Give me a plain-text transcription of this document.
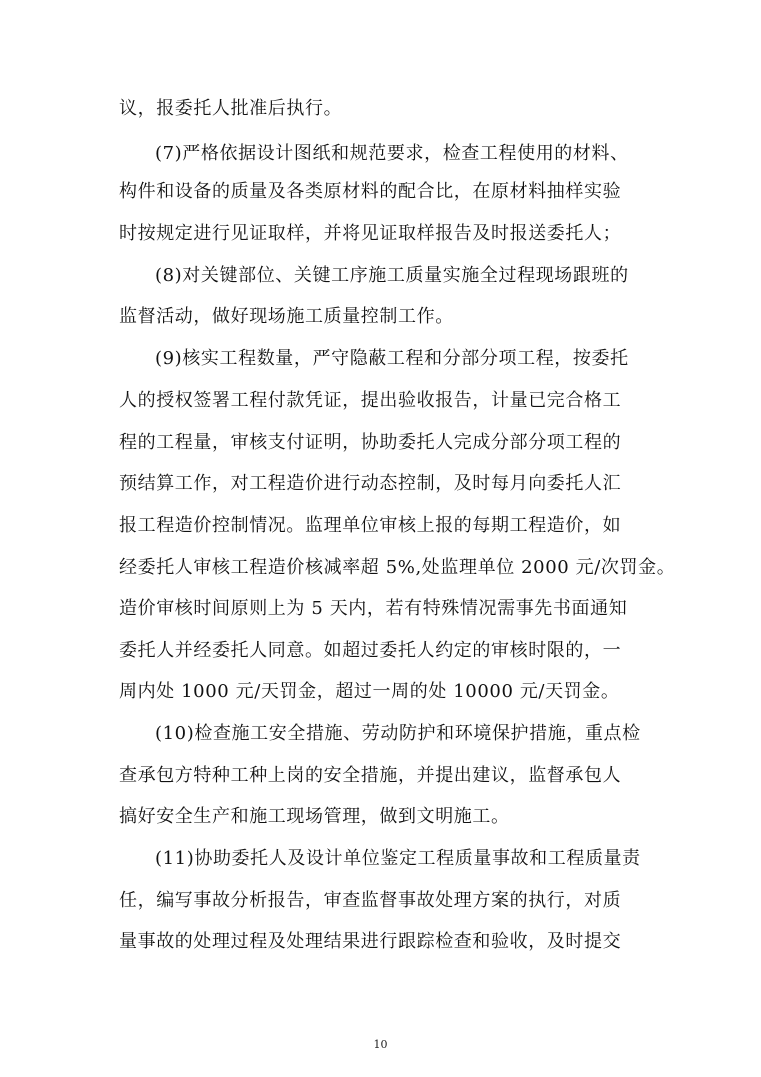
议，报委托人批准后执行。
(7)严格依据设计图纸和规范要求，检查工程使用的材料、
构件和设备的质量及各类原材料的配合比，在原材料抽样实验
时按规定进行见证取样，并将见证取样报告及时报送委托人；
(8)对关键部位、关键工序施工质量实施全过程现场跟班的
监督活动，做好现场施工质量控制工作。
(9)核实工程数量，严守隐蔽工程和分部分项工程，按委托
人的授权签署工程付款凭证，提出验收报告，计量已完合格工
程的工程量，审核支付证明，协助委托人完成分部分项工程的
预结算工作，对工程造价进行动态控制，及时每月向委托人汇
报工程造价控制情况。监理单位审核上报的每期工程造价，如
经委托人审核工程造价核减率超 5%,处监理单位 2000 元/次罚金。
造价审核时间原则上为 5 天内，若有特殊情况需事先书面通知
委托人并经委托人同意。如超过委托人约定的审核时限的，一
周内处 1000 元/天罚金，超过一周的处 10000 元/天罚金。
(10)检查施工安全措施、劳动防护和环境保护措施，重点检
查承包方特种工种上岗的安全措施，并提出建议，监督承包人
搞好安全生产和施工现场管理，做到文明施工。
(11)协助委托人及设计单位鉴定工程质量事故和工程质量责
任，编写事故分析报告，审查监督事故处理方案的执行，对质
量事故的处理过程及处理结果进行跟踪检查和验收，及时提交
10
